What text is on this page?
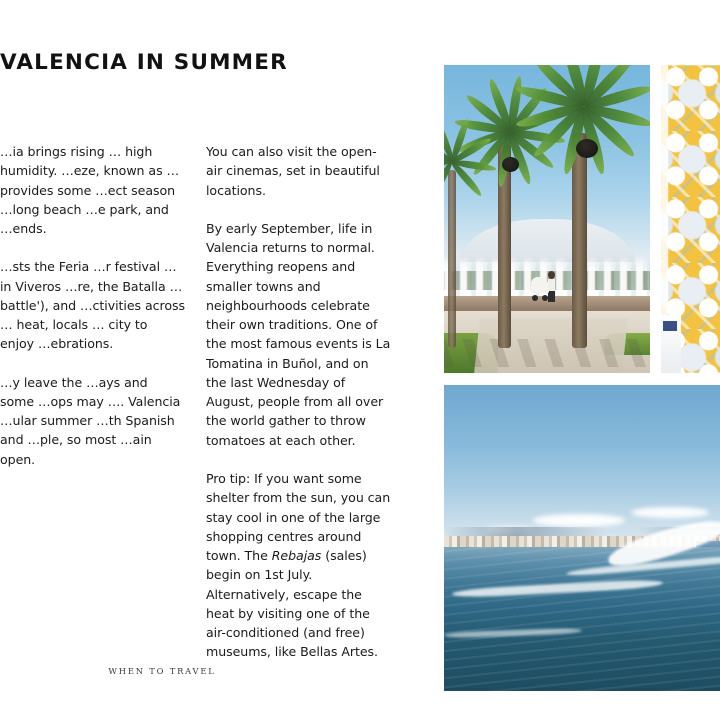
VALENCIA IN SUMMER

…ia brings rising … high humidity. …eze, known as … provides some …ect season …long beach …e park, and …ends.

…sts the Feria …r festival … in Viveros …re, the Batalla …battle'), and …ctivities across … heat, locals … city to enjoy …ebrations.

…y leave the …ays and some …ops may …. Valencia …ular summer …th Spanish and …ple, so most …ain open.

You can also visit the open-air cinemas, set in beautiful locations.

By early September, life in Valencia returns to normal. Everything reopens and smaller towns and neighbourhoods celebrate their own traditions. One of the most famous events is La Tomatina in Buñol, and on the last Wednesday of August, people from all over the world gather to throw tomatoes at each other.

Pro tip: If you want some shelter from the sun, you can stay cool in one of the large shopping centres around town. The Rebajas (sales) begin on 1st July. Alternatively, escape the heat by visiting one of the air-conditioned (and free) museums, like Bellas Artes.

WHEN TO TRAVEL
